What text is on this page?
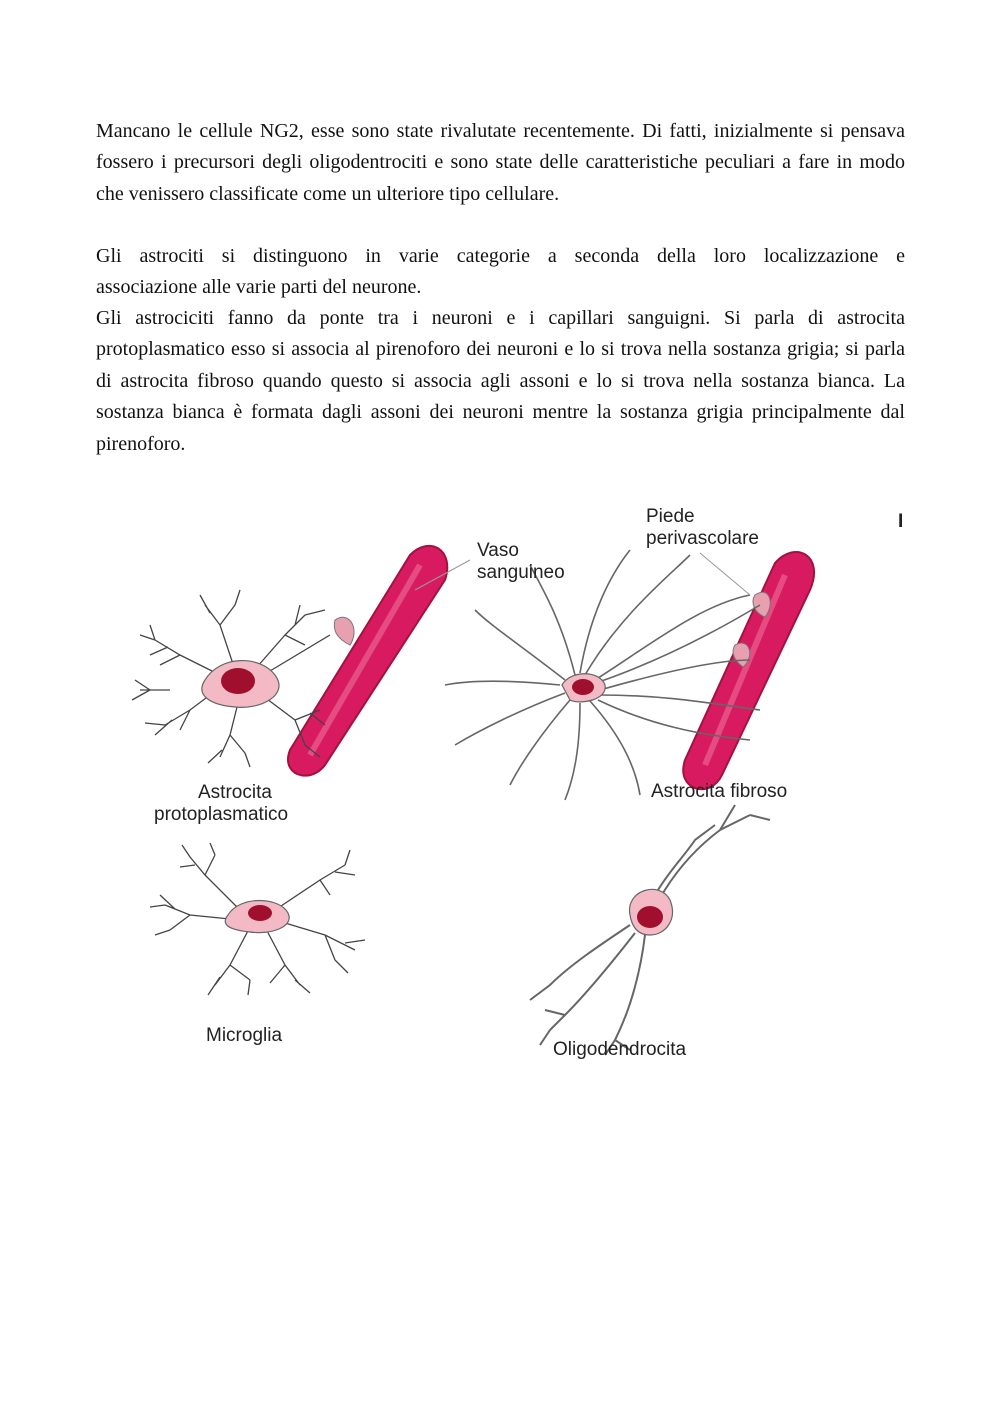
Mancano le cellule NG2, esse sono state rivalutate recentemente. Di fatti, inizialmente si pensava fossero i precursori degli oligodentrociti e sono state delle caratteristiche peculiari a fare in modo che venissero classificate come un ulteriore tipo cellulare.

Gli astrociti si distinguono in varie categorie a seconda della loro localizzazione e
associazione alle varie parti del neurone.

Gli astrociciti fanno da ponte tra i neuroni e i capillari sanguigni. Si parla di astrocita protoplasmatico esso si associa al pirenoforo dei neuroni e lo si trova nella sostanza grigia; si parla di astrocita fibroso quando questo si associa agli assoni e lo si trova nella sostanza bianca. La sostanza bianca è formata dagli assoni dei neuroni mentre la sostanza grigia principalmente dal pirenoforo.

Vaso
sanguineo
Piede
perivascolare
I
Astrocita
protoplasmatico
Astrocita fibroso
Microglia
Oligodendrocita
